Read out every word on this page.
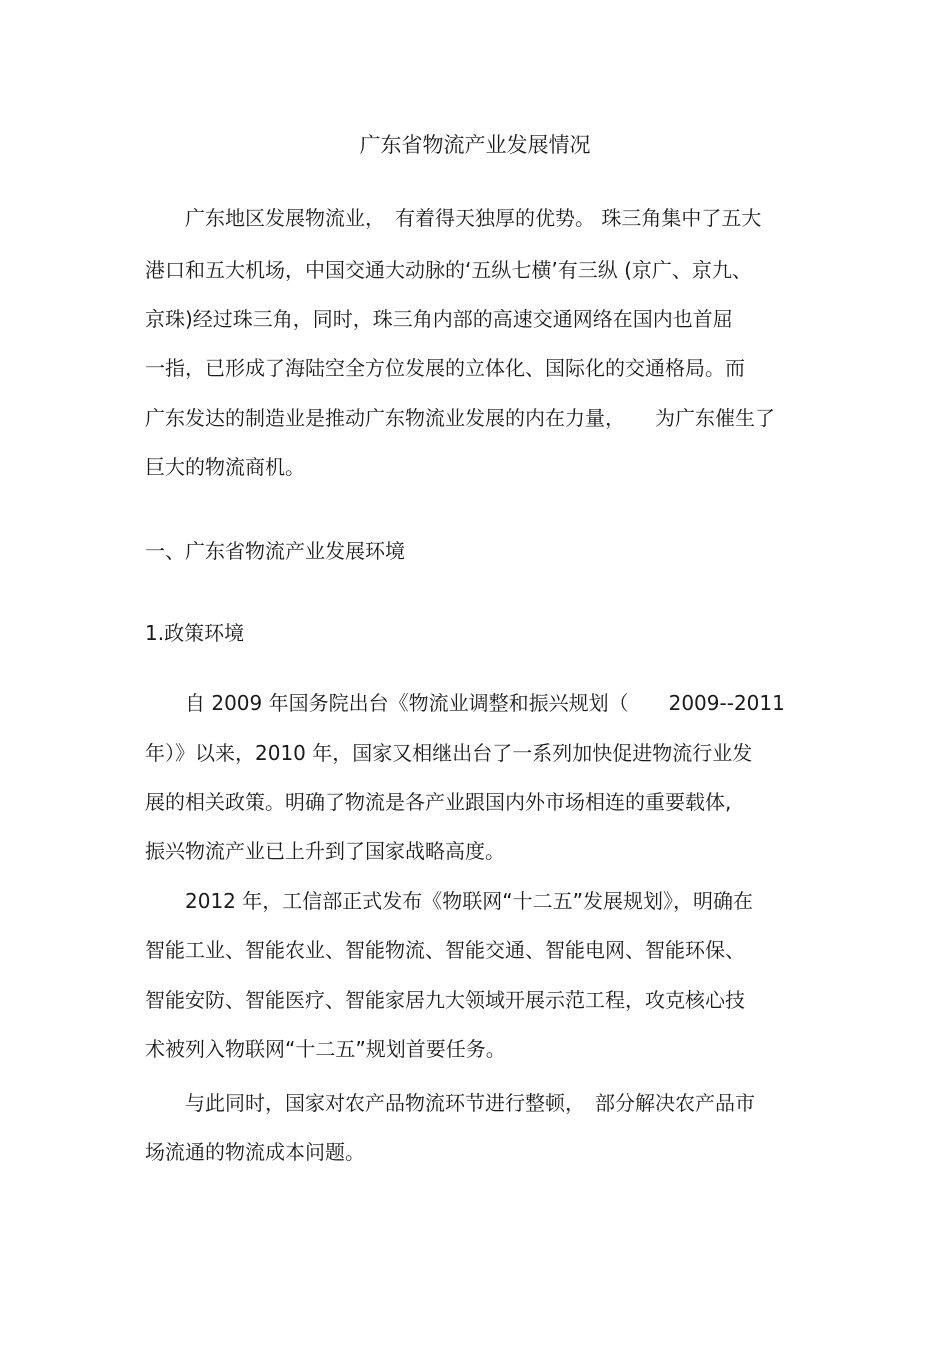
广东省物流产业发展情况
　　广东地区发展物流业，　有着得天独厚的优势。 珠三角集中了五大
港口和五大机场，中国交通大动脉的‘五纵七横’有三纵 (京广、京九、
京珠)经过珠三角，同时，珠三角内部的高速交通网络在国内也首屈
一指，已形成了海陆空全方位发展的立体化、国际化的交通格局。而
广东发达的制造业是推动广东物流业发展的内在力量，　　为广东催生了
巨大的物流商机。
一、广东省物流产业发展环境
1.政策环境
　　自 2009 年国务院出台《物流业调整和振兴规划（　　2009--2011
年）》以来，2010 年，国家又相继出台了一系列加快促进物流行业发
展的相关政策。明确了物流是各产业跟国内外市场相连的重要载体,
振兴物流产业已上升到了国家战略高度。
　　2012 年，工信部正式发布《物联网“十二五”发展规划》，明确在
智能工业、智能农业、智能物流、智能交通、智能电网、智能环保、
智能安防、智能医疗、智能家居九大领域开展示范工程，攻克核心技
术被列入物联网“十二五”规划首要任务。
　　与此同时，国家对农产品物流环节进行整顿，　部分解决农产品市
场流通的物流成本问题。
